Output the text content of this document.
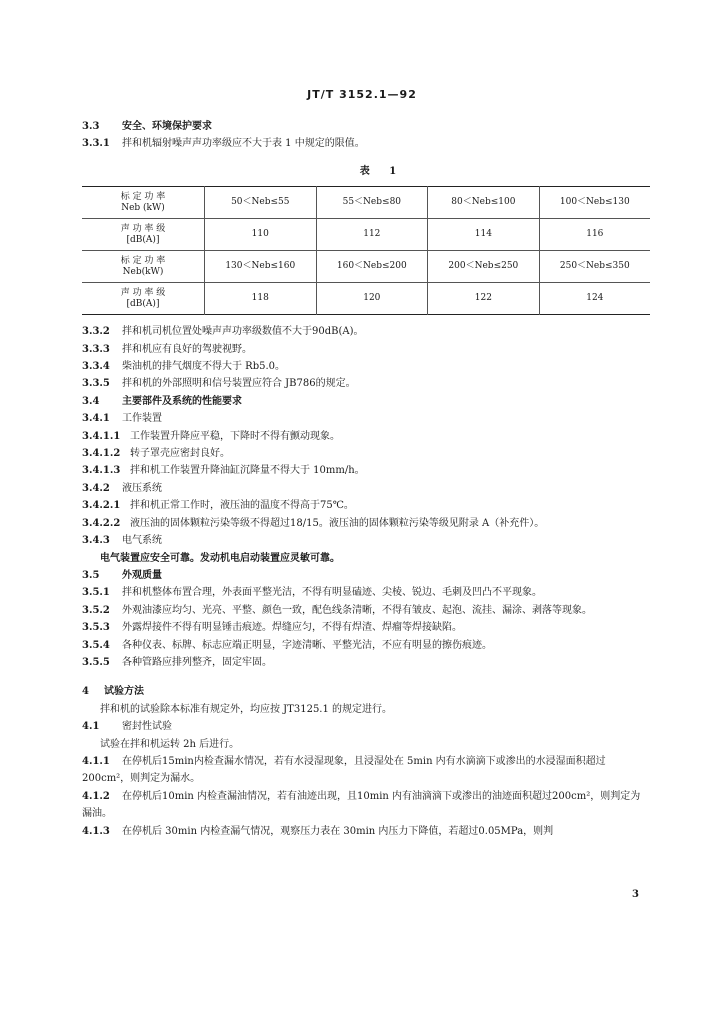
JT/T 3152.1—92
3.3 安全、环境保护要求
3.3.1 拌和机辐射噪声声功率级应不大于表 1 中规定的限值。
表 1
标 定 功 率
Neb (kW)	50＜Neb≤55	55＜Neb≤80	80＜Neb≤100	100＜Neb≤130

声 功 率 级
[dB(A)]	110	112	114	116

标 定 功 率
Neb(kW)	130＜Neb≤160	160＜Neb≤200	200＜Neb≤250	250＜Neb≤350

声 功 率 级
[dB(A)]	118	120	122	124
3.3.2 拌和机司机位置处噪声声功率级数值不大于90dB(A)。
3.3.3 拌和机应有良好的驾驶视野。
3.3.4 柴油机的排气烟度不得大于 Rb5.0。
3.3.5 拌和机的外部照明和信号装置应符合 JB786的规定。
3.4 主要部件及系统的性能要求
3.4.1 工作装置
3.4.1.1 工作装置升降应平稳，下降时不得有颤动现象。
3.4.1.2 转子罩壳应密封良好。
3.4.1.3 拌和机工作装置升降油缸沉降量不得大于 10mm/h。
3.4.2 液压系统
3.4.2.1 拌和机正常工作时，液压油的温度不得高于75℃。
3.4.2.2 液压油的固体颗粒污染等级不得超过18/15。液压油的固体颗粒污染等级见附录 A（补充件）。
3.4.3 电气系统
电气装置应安全可靠。发动机电启动装置应灵敏可靠。
3.5 外观质量
3.5.1 拌和机整体布置合理，外表面平整光洁，不得有明显磕迹、尖棱、锐边、毛刺及凹凸不平现象。
3.5.2 外观油漆应均匀、光亮、平整、颜色一致，配色线条清晰，不得有皱皮、起泡、流挂、漏涂、剥落等现象。
3.5.3 外露焊接件不得有明显锤击痕迹。焊缝应匀，不得有焊渣、焊瘤等焊接缺陷。
3.5.4 各种仪表、标牌、标志应端正明显，字迹清晰、平整光洁，不应有明显的擦伤痕迹。
3.5.5 各种管路应排列整齐，固定牢固。
4 试验方法
拌和机的试验除本标准有规定外，均应按 JT3125.1 的规定进行。
4.1 密封性试验
试验在拌和机运转 2h 后进行。
4.1.1 在停机后15min内检查漏水情况，若有水浸湿现象，且浸湿处在 5min 内有水滴滴下或渗出的水浸湿面积超过 200cm²，则判定为漏水。
4.1.2 在停机后10min 内检查漏油情况，若有油迹出现，且10min 内有油滴滴下或渗出的油迹面积超过200cm²，则判定为漏油。
4.1.3 在停机后 30min 内检查漏气情况，观察压力表在 30min 内压力下降值，若超过0.05MPa，则判
3
